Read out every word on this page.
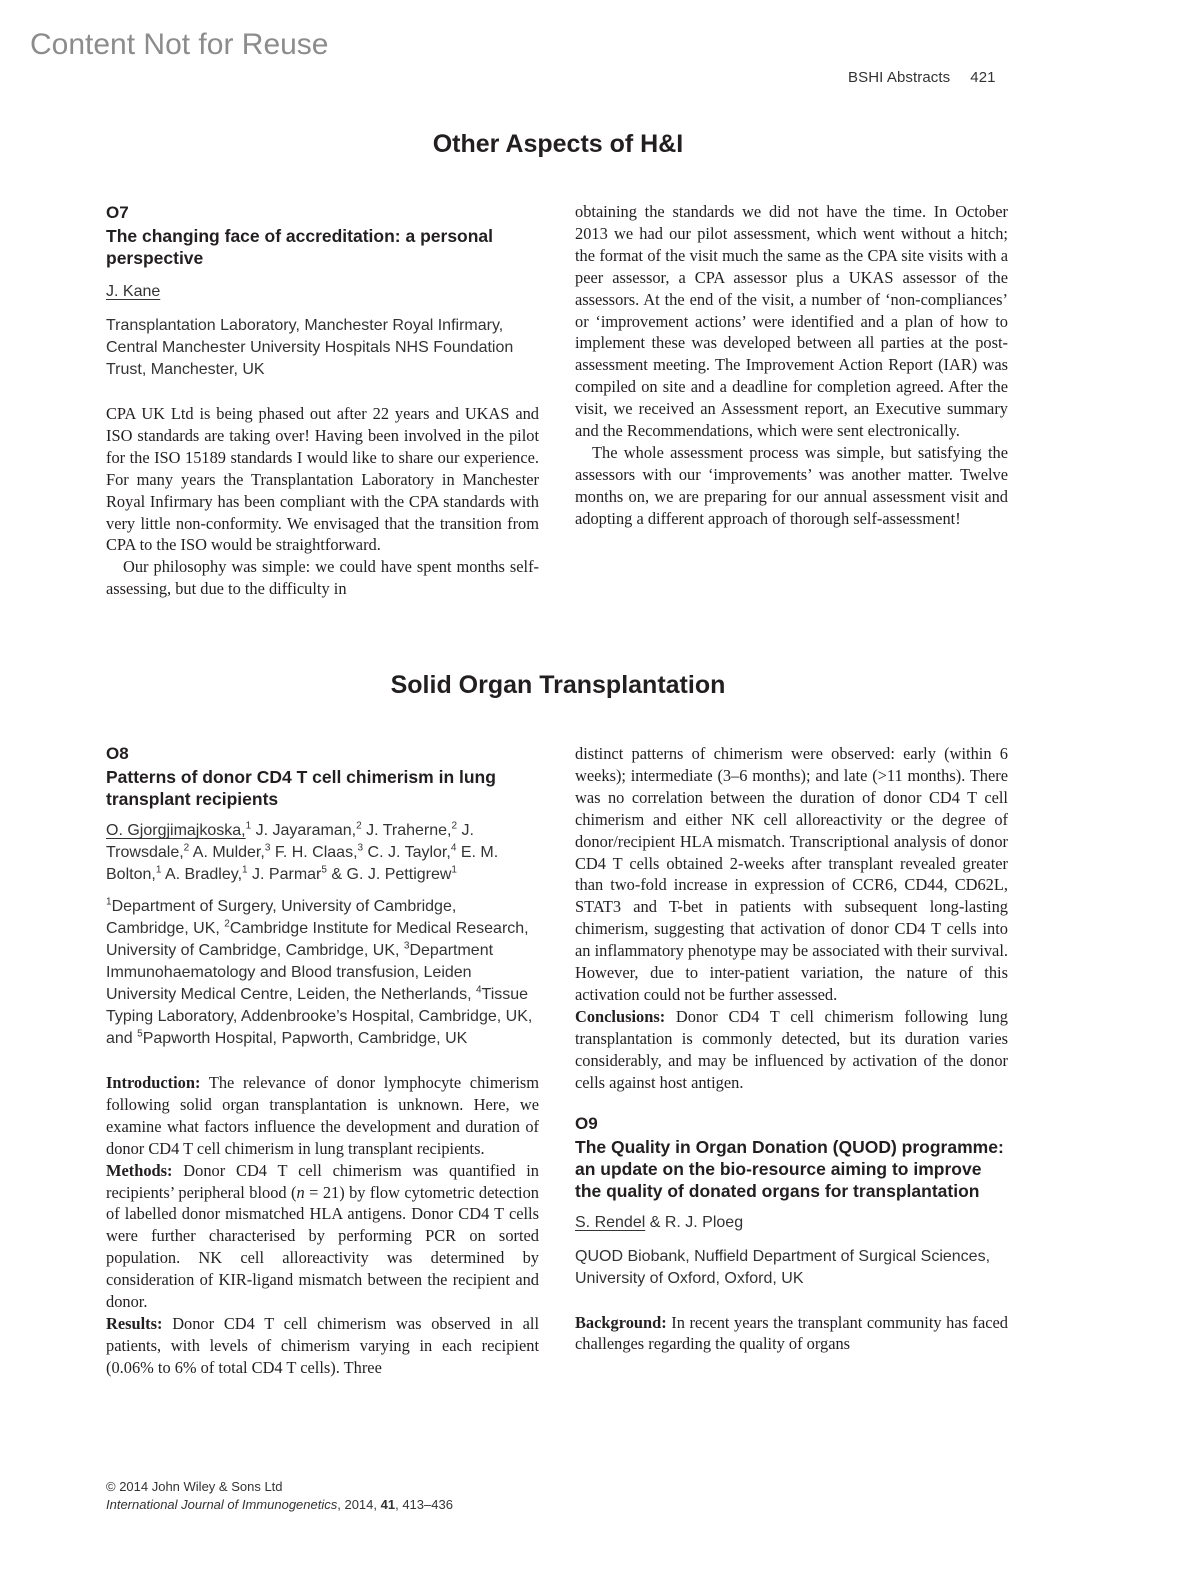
Content Not for Reuse
BSHI Abstracts 421
Other Aspects of H&I

O7

The changing face of accreditation: a personal perspective

J. Kane

Transplantation Laboratory, Manchester Royal Infirmary, Central Manchester University Hospitals NHS Foundation Trust, Manchester, UK

CPA UK Ltd is being phased out after 22 years and UKAS and ISO standards are taking over! Having been involved in the pilot for the ISO 15189 standards I would like to share our experience. For many years the Transplantation Laboratory in Manchester Royal Infirmary has been compliant with the CPA standards with very little non-conformity. We envisaged that the transition from CPA to the ISO would be straightforward.

Our philosophy was simple: we could have spent months self-assessing, but due to the difficulty in

obtaining the standards we did not have the time. In October 2013 we had our pilot assessment, which went without a hitch; the format of the visit much the same as the CPA site visits with a peer assessor, a CPA assessor plus a UKAS assessor of the assessors. At the end of the visit, a number of ‘non-compliances’ or ‘improvement actions’ were identified and a plan of how to implement these was developed between all parties at the post-assessment meeting. The Improvement Action Report (IAR) was compiled on site and a deadline for completion agreed. After the visit, we received an Assessment report, an Executive summary and the Recommendations, which were sent electronically.

The whole assessment process was simple, but satisfying the assessors with our ‘improvements’ was another matter. Twelve months on, we are preparing for our annual assessment visit and adopting a different approach of thorough self-assessment!

Solid Organ Transplantation

O8

Patterns of donor CD4 T cell chimerism in lung transplant recipients

O. Gjorgjimajkoska,$^1$ J. Jayaraman,$^2$ J. Traherne,$^2$ J. Trowsdale,$^2$ A. Mulder,$^3$ F. H. Claas,$^3$ C. J. Taylor,$^4$ E. M. Bolton,$^1$ A. Bradley,$^1$ J. Parmar$^5$ & G. J. Pettigrew$^1$

$^1$Department of Surgery, University of Cambridge, Cambridge, UK, $^2$Cambridge Institute for Medical Research, University of Cambridge, Cambridge, UK, $^3$Department Immunohaematology and Blood transfusion, Leiden University Medical Centre, Leiden, the Netherlands, $^4$Tissue Typing Laboratory, Addenbrooke’s Hospital, Cambridge, UK, and $^5$Papworth Hospital, Papworth, Cambridge, UK

Introduction: The relevance of donor lymphocyte chimerism following solid organ transplantation is unknown. Here, we examine what factors influence the development and duration of donor CD4 T cell chimerism in lung transplant recipients.

Methods: Donor CD4 T cell chimerism was quantified in recipients’ peripheral blood (n = 21) by flow cytometric detection of labelled donor mismatched HLA antigens. Donor CD4 T cells were further characterised by performing PCR on sorted population. NK cell alloreactivity was determined by consideration of KIR-ligand mismatch between the recipient and donor.

Results: Donor CD4 T cell chimerism was observed in all patients, with levels of chimerism varying in each recipient (0.06% to 6% of total CD4 T cells). Three

distinct patterns of chimerism were observed: early (within 6 weeks); intermediate (3–6 months); and late (>11 months). There was no correlation between the duration of donor CD4 T cell chimerism and either NK cell alloreactivity or the degree of donor/recipient HLA mismatch. Transcriptional analysis of donor CD4 T cells obtained 2-weeks after transplant revealed greater than two-fold increase in expression of CCR6, CD44, CD62L, STAT3 and T-bet in patients with subsequent long-lasting chimerism, suggesting that activation of donor CD4 T cells into an inflammatory phenotype may be associated with their survival. However, due to inter-patient variation, the nature of this activation could not be further assessed.

Conclusions: Donor CD4 T cell chimerism following lung transplantation is commonly detected, but its duration varies considerably, and may be influenced by activation of the donor cells against host antigen.

O9

The Quality in Organ Donation (QUOD) programme: an update on the bio-resource aiming to improve the quality of donated organs for transplantation

S. Rendel & R. J. Ploeg

QUOD Biobank, Nuffield Department of Surgical Sciences, University of Oxford, Oxford, UK

Background: In recent years the transplant community has faced challenges regarding the quality of organs

© 2014 John Wiley & Sons Ltd
International Journal of Immunogenetics, 2014, 41, 413–436
